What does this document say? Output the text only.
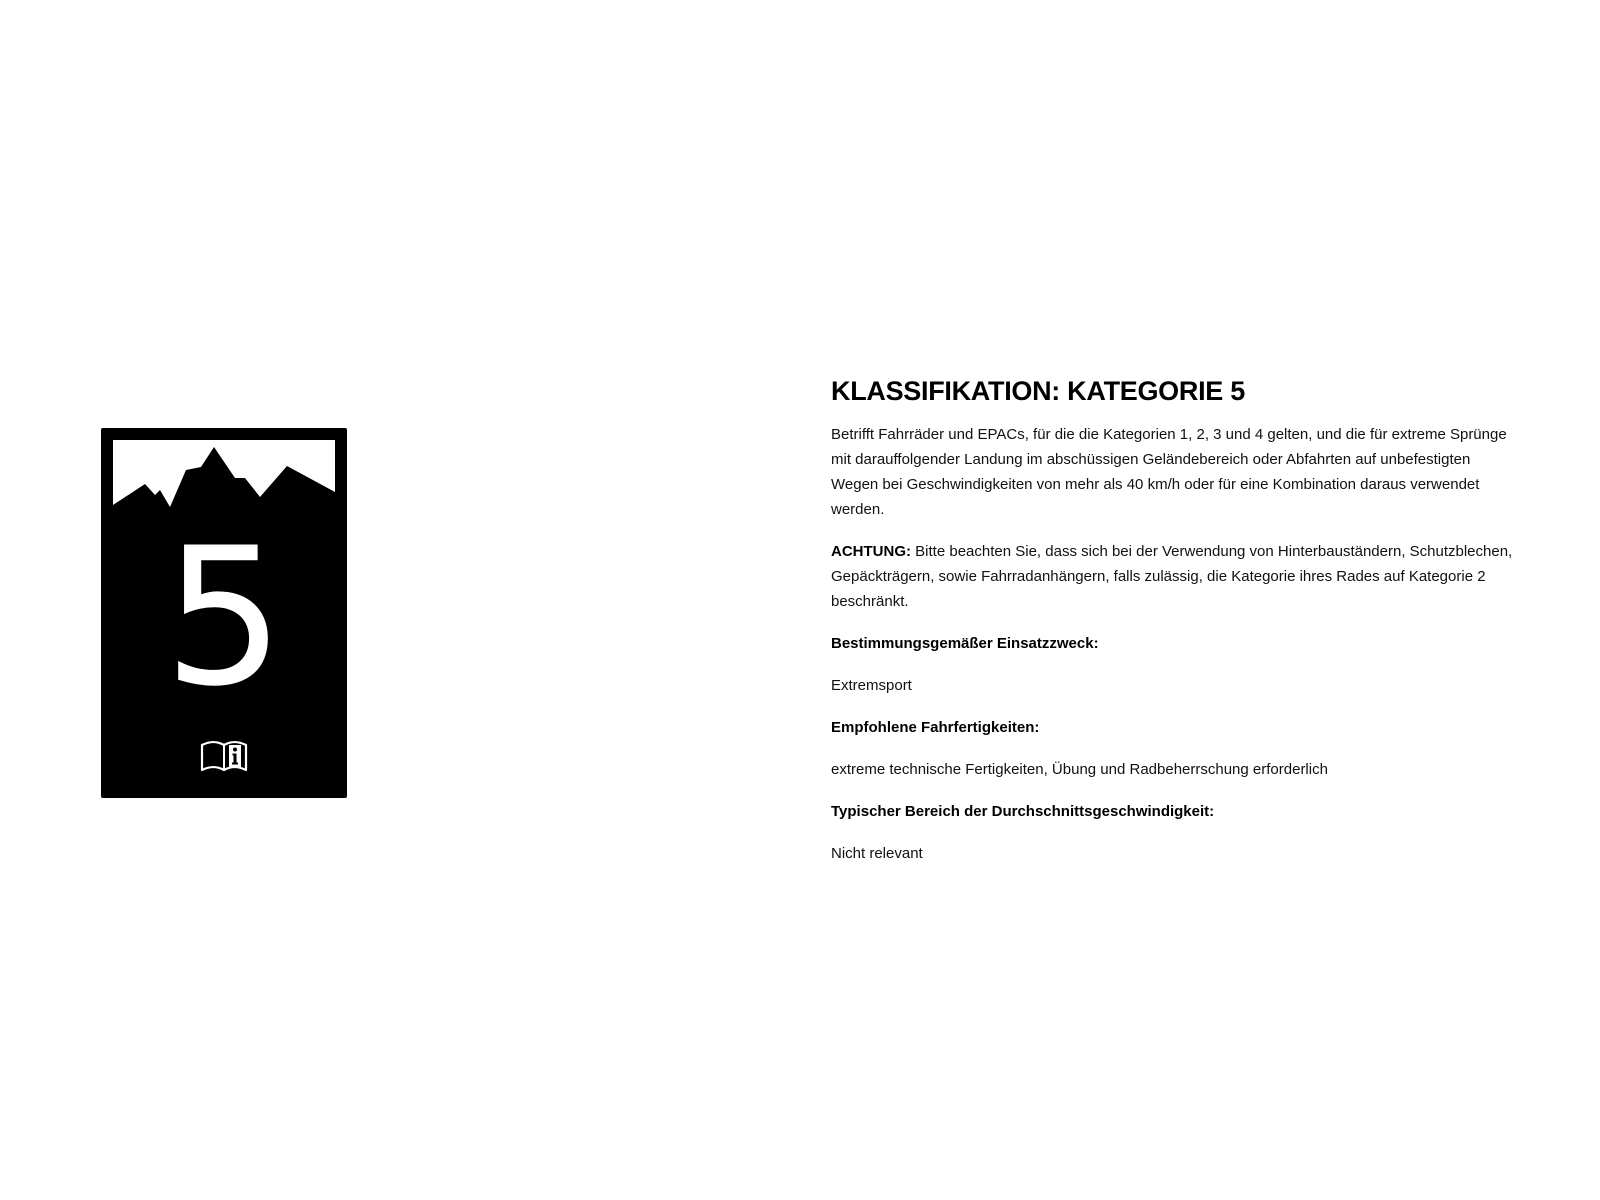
5
KLASSIFIKATION: KATEGORIE 5

Betrifft Fahrräder und EPACs, für die die Kategorien 1, 2, 3 und 4 gelten, und die für extreme Sprünge mit darauffolgender Landung im abschüssigen Geländebereich oder Abfahrten auf unbefestigten Wegen bei Geschwindigkeiten von mehr als 40 km/h oder für eine Kombination daraus verwendet werden.

ACHTUNG: Bitte beachten Sie, dass sich bei der Verwendung von Hinterbauständern, Schutzblechen, Gepäckträgern, sowie Fahrradanhängern, falls zulässig, die Kategorie ihres Rades auf Kategorie 2 beschränkt.

Bestimmungsgemäßer Einsatzzweck:

Extremsport

Empfohlene Fahrfertigkeiten:

extreme technische Fertigkeiten, Übung und Radbeherrschung erforderlich

Typischer Bereich der Durchschnittsgeschwindigkeit:

Nicht relevant
